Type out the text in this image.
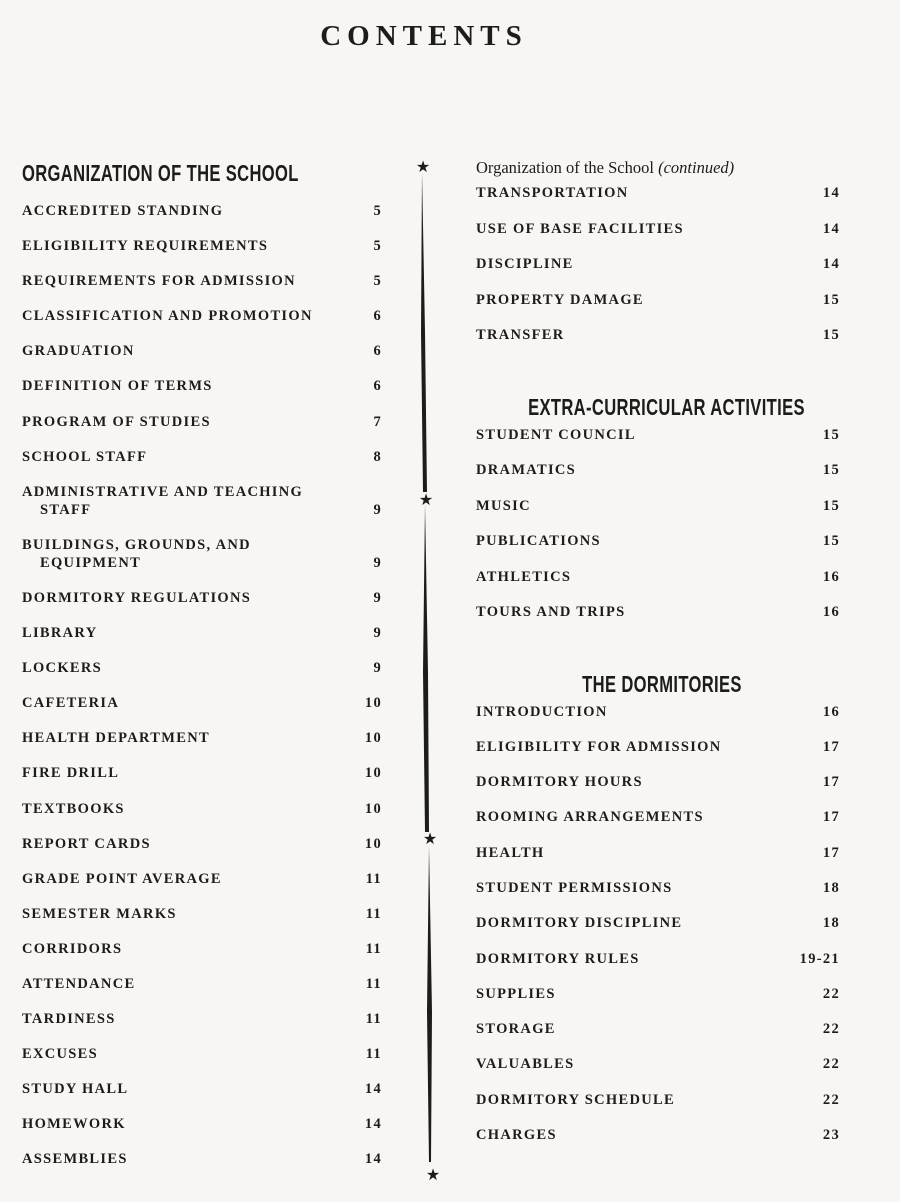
CONTENTS
ORGANIZATION OF THE SCHOOL
ACCREDITED STANDING	5
ELIGIBILITY REQUIREMENTS	5
REQUIREMENTS FOR ADMISSION	5
CLASSIFICATION AND PROMOTION	6
GRADUATION	6
DEFINITION OF TERMS	6
PROGRAM OF STUDIES	7
SCHOOL STAFF	8
ADMINISTRATIVE AND TEACHING
STAFF	9
BUILDINGS, GROUNDS, AND
EQUIPMENT	9
DORMITORY REGULATIONS	9
LIBRARY	9
LOCKERS	9
CAFETERIA	10
HEALTH DEPARTMENT	10
FIRE DRILL	10
TEXTBOOKS	10
REPORT CARDS	10
GRADE POINT AVERAGE	11
SEMESTER MARKS	11
CORRIDORS	11
ATTENDANCE	11
TARDINESS	11
EXCUSES	11
STUDY HALL	14
HOMEWORK	14
ASSEMBLIES	14
★
★
★
★
Organization of the School (continued)
TRANSPORTATION	14
USE OF BASE FACILITIES	14
DISCIPLINE	14
PROPERTY DAMAGE	15
TRANSFER	15
EXTRA-CURRICULAR ACTIVITIES
STUDENT COUNCIL	15
DRAMATICS	15
MUSIC	15
PUBLICATIONS	15
ATHLETICS	16
TOURS AND TRIPS	16
THE DORMITORIES
INTRODUCTION	16
ELIGIBILITY FOR ADMISSION	17
DORMITORY HOURS	17
ROOMING ARRANGEMENTS	17
HEALTH	17
STUDENT PERMISSIONS	18
DORMITORY DISCIPLINE	18
DORMITORY RULES	19-21
SUPPLIES	22
STORAGE	22
VALUABLES	22
DORMITORY SCHEDULE	22
CHARGES	23
